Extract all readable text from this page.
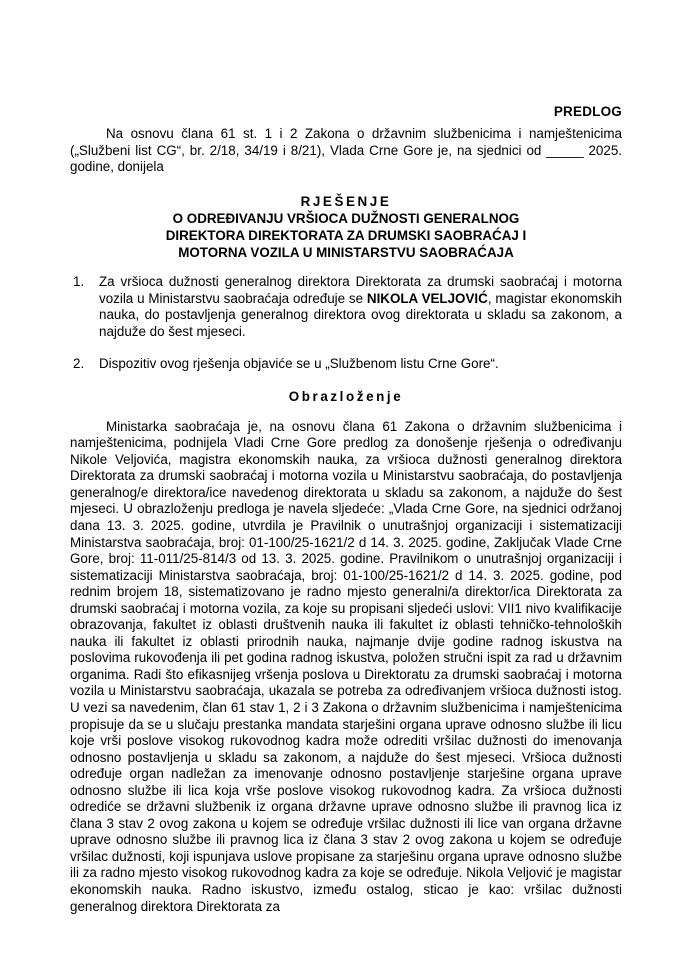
PREDLOG
Na osnovu člana 61 st. 1 i 2 Zakona o državnim službenicima i namještenicima („Službeni list CG“, br. 2/18, 34/19 i 8/21), Vlada Crne Gore je, na sjednici od _____ 2025. godine, donijela
RJEŠENJE
O ODREĐIVANJU VRŠIOCA DUŽNOSTI GENERALNOG
DIREKTORA DIREKTORATA ZA DRUMSKI SAOBRAĆAJ I
MOTORNA VOZILA U MINISTARSTVU SAOBRAĆAJA
1. Za vršioca dužnosti generalnog direktora Direktorata za drumski saobraćaj i motorna vozila u Ministarstvu saobraćaja određuje se NIKOLA VELJOVIĆ, magistar ekonomskih nauka, do postavljenja generalnog direktora ovog direktorata u skladu sa zakonom, a najduže do šest mjeseci.
2. Dispozitiv ovog rješenja objaviće se u „Službenom listu Crne Gore“.
Obrazloženje
Ministarka saobraćaja je, na osnovu člana 61 Zakona o državnim službenicima i namještenicima, podnijela Vladi Crne Gore predlog za donošenje rješenja o određivanju Nikole Veljovića, magistra ekonomskih nauka, za vršioca dužnosti generalnog direktora Direktorata za drumski saobraćaj i motorna vozila u Ministarstvu saobraćaja, do postavljenja generalnog/e direktora/ice navedenog direktorata u skladu sa zakonom, a najduže do šest mjeseci. U obrazloženju predloga je navela sljedeće: „Vlada Crne Gore, na sjednici održanoj dana 13. 3. 2025. godine, utvrdila je Pravilnik o unutrašnjoj organizaciji i sistematizaciji Ministarstva saobraćaja, broj: 01-100/25-1621/2 d 14. 3. 2025. godine, Zaključak Vlade Crne Gore, broj: 11-011/25-814/3 od 13. 3. 2025. godine. Pravilnikom o unutrašnjoj organizaciji i sistematizaciji Ministarstva saobraćaja, broj: 01-100/25-1621/2 d 14. 3. 2025. godine, pod rednim brojem 18, sistematizovano je radno mjesto generalni/a direktor/ica Direktorata za drumski saobraćaj i motorna vozila, za koje su propisani sljedeći uslovi: VII1 nivo kvalifikacije obrazovanja, fakultet iz oblasti društvenih nauka ili fakultet iz oblasti tehničko-tehnoloških nauka ili fakultet iz oblasti prirodnih nauka, najmanje dvije godine radnog iskustva na poslovima rukovođenja ili pet godina radnog iskustva, položen stručni ispit za rad u državnim organima. Radi što efikasnijeg vršenja poslova u Direktoratu za drumski saobraćaj i motorna vozila u Ministarstvu saobraćaja, ukazala se potreba za određivanjem vršioca dužnosti istog. U vezi sa navedenim, član 61 stav 1, 2 i 3 Zakona o državnim službenicima i namještenicima propisuje da se u slučaju prestanka mandata starješini organa uprave odnosno službe ili licu koje vrši poslove visokog rukovodnog kadra može odrediti vršilac dužnosti do imenovanja odnosno postavljenja u skladu sa zakonom, a najduže do šest mjeseci. Vršioca dužnosti određuje organ nadležan za imenovanje odnosno postavljenje starješine organa uprave odnosno službe ili lica koja vrše poslove visokog rukovodnog kadra. Za vršioca dužnosti odrediće se državni službenik iz organa državne uprave odnosno službe ili pravnog lica iz člana 3 stav 2 ovog zakona u kojem se određuje vršilac dužnosti ili lice van organa državne uprave odnosno službe ili pravnog lica iz člana 3 stav 2 ovog zakona u kojem se određuje vršilac dužnosti, koji ispunjava uslove propisane za starješinu organa uprave odnosno službe ili za radno mjesto visokog rukovodnog kadra za koje se određuje. Nikola Veljović je magistar ekonomskih nauka. Radno iskustvo, između ostalog, sticao je kao: vršilac dužnosti generalnog direktora Direktorata za
